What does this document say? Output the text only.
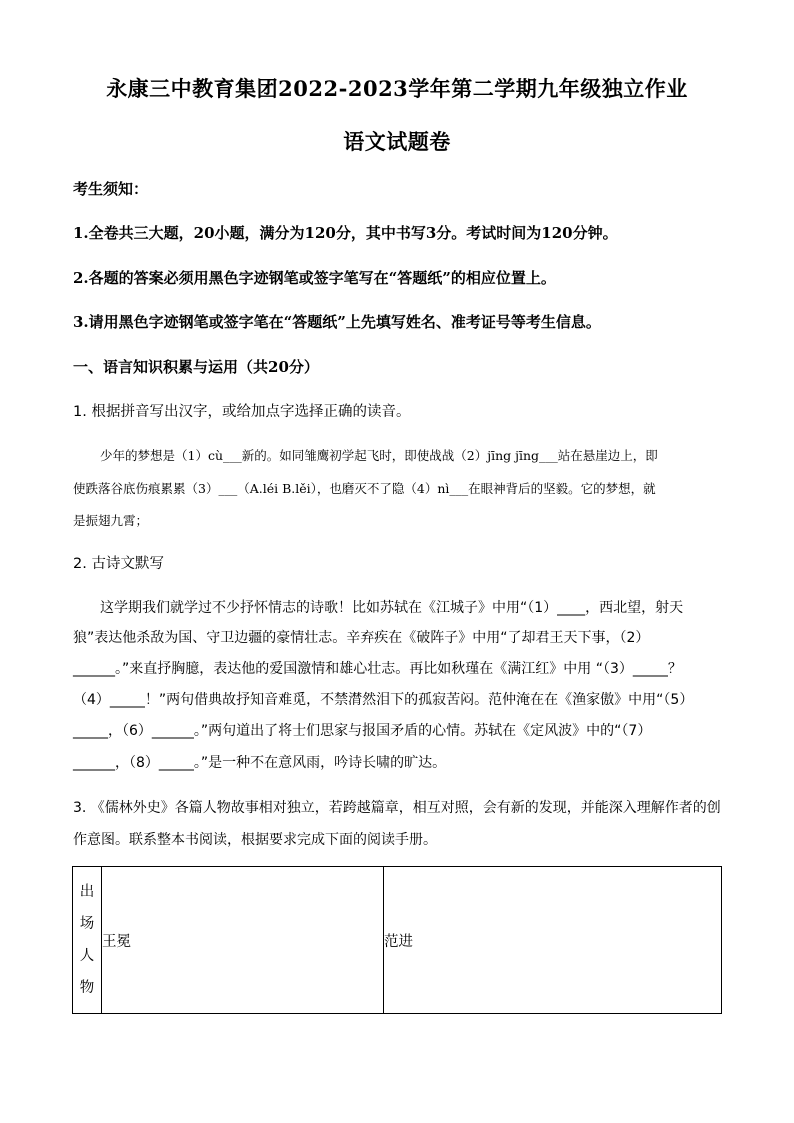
永康三中教育集团2022-2023学年第二学期九年级独立作业
语文试题卷
考生须知：
1.全卷共三大题，20小题，满分为120分，其中书写3分。考试时间为120分钟。
2.各题的答案必须用黑色字迹钢笔或签字笔写在“答题纸”的相应位置上。
3.请用黑色字迹钢笔或签字笔在“答题纸”上先填写姓名、准考证号等考生信息。
一、语言知识积累与运用（共20分）
1. 根据拼音写出汉字，或给加点字选择正确的读音。
少年的梦想是（1）cù___新的。如同雏鹰初学起飞时，即使战战（2）jīng jīng___站在悬崖边上，即
使跌落谷底伤痕累累（3）___（A.léi B.lěi），也磨灭不了隐（4）nì___在眼神背后的坚毅。它的梦想，就
是振翅九霄；
2. 古诗文默写
这学期我们就学过不少抒怀情志的诗歌！比如苏轼在《江城子》中用“（1）____，西北望，射天
狼”表达他杀敌为国、守卫边疆的豪情壮志。辛弃疾在《破阵子》中用“了却君王天下事，（2）
______。”来直抒胸臆，表达他的爱国激情和雄心壮志。再比如秋瑾在《满江红》中用 “（3）_____？
（4）_____！”两句借典故抒知音难觅，不禁潸然泪下的孤寂苦闷。范仲淹在在《渔家傲》中用“（5）
_____，（6）______。”两句道出了将士们思家与报国矛盾的心情。苏轼在《定风波》中的“（7）
______，（8）_____。”是一种不在意风雨，吟诗长啸的旷达。
3. 《儒林外史》各篇人物故事相对独立，若跨越篇章，相互对照，会有新的发现，并能深入理解作者的创
作意图。联系整本书阅读，根据要求完成下面的阅读手册。
出
场
人
物
	王冕	范进
